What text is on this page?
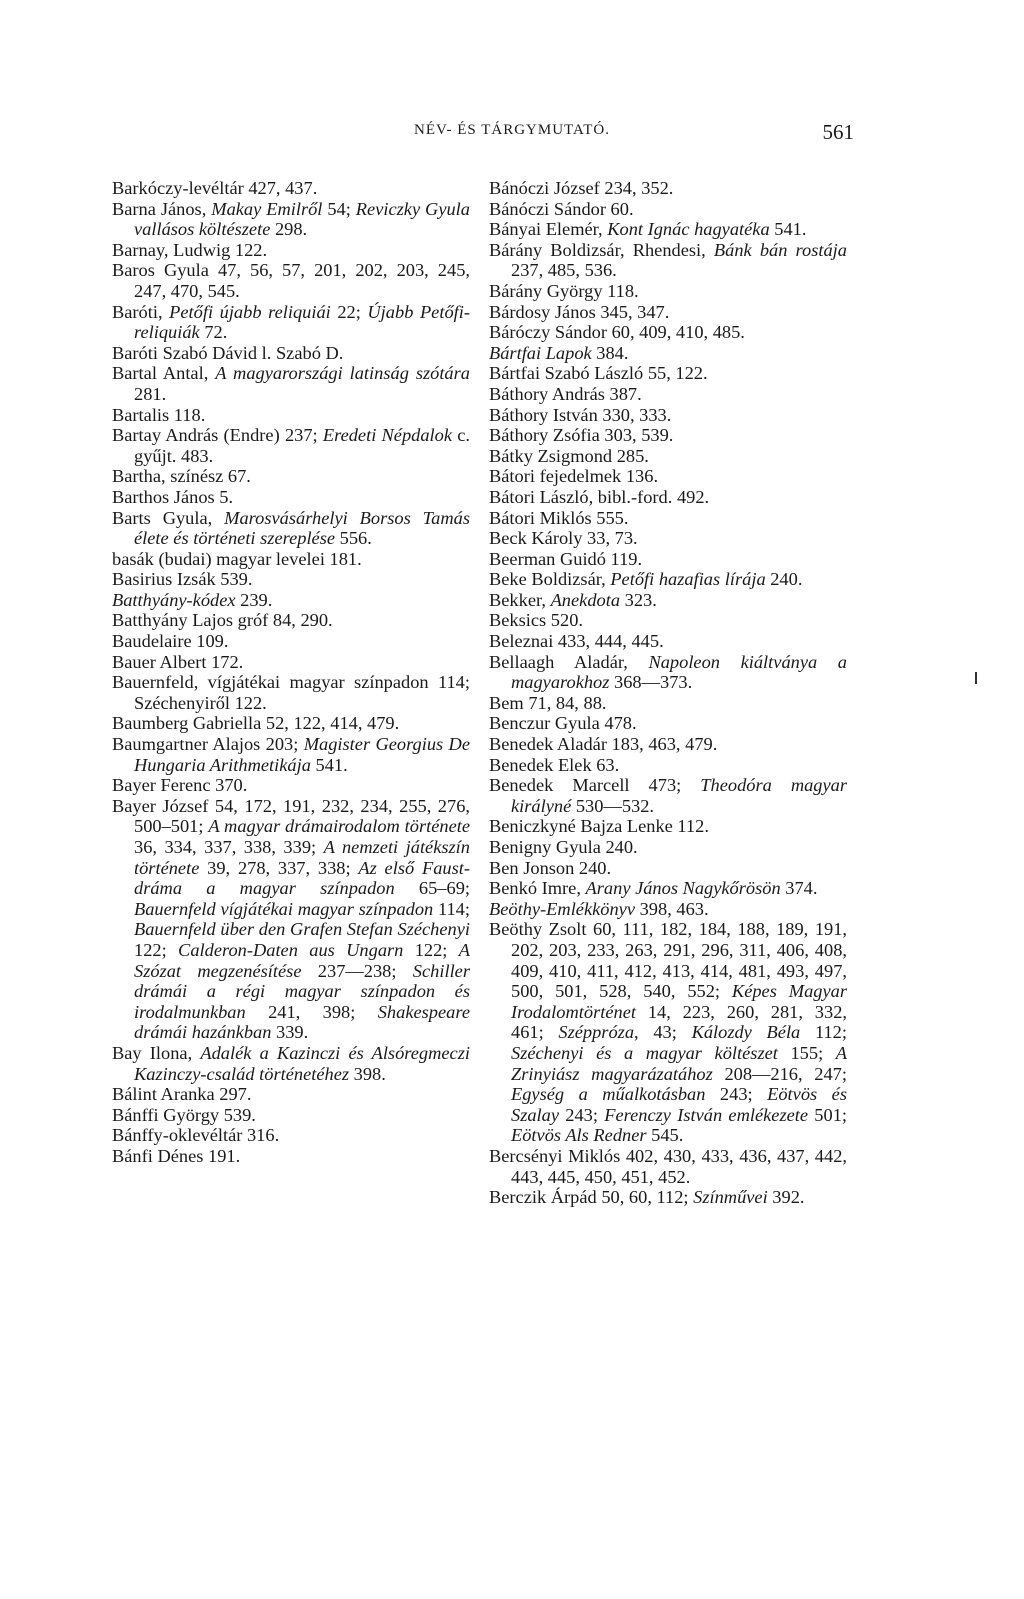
NÉV- ÉS TÁRGYMUTATÓ.	561

Barkóczy-levéltár 427, 437.

Barna János, Makay Emilről 54; Reviczky Gyula vallásos költészete 298.

Barnay, Ludwig 122.

Baros Gyula 47, 56, 57, 201, 202, 203, 245, 247, 470, 545.

Baróti, Petőfi újabb reliquiái 22; Újabb Petőfi-reliquiák 72.

Baróti Szabó Dávid l. Szabó D.

Bartal Antal, A magyarországi latinság szótára 281.

Bartalis 118.

Bartay András (Endre) 237; Eredeti Népdalok c. gyűjt. 483.

Bartha, színész 67.

Barthos János 5.

Barts Gyula, Marosvásárhelyi Borsos Tamás élete és történeti szereplése 556.

basák (budai) magyar levelei 181.

Basirius Izsák 539.

Batthyány-kódex 239.

Batthyány Lajos gróf 84, 290.

Baudelaire 109.

Bauer Albert 172.

Bauernfeld, vígjátékai magyar színpadon 114; Széchenyiről 122.

Baumberg Gabriella 52, 122, 414, 479.

Baumgartner Alajos 203; Magister Georgius De Hungaria Arithmetikája 541.

Bayer Ferenc 370.

Bayer József 54, 172, 191, 232, 234, 255, 276, 500–501; A magyar drámairodalom története 36, 334, 337, 338, 339; A nemzeti játékszín története 39, 278, 337, 338; Az első Faust-dráma a magyar színpadon 65–69; Bauernfeld vígjátékai magyar színpadon 114; Bauernfeld über den Grafen Stefan Széchenyi 122; Calderon-Daten aus Ungarn 122; A Szózat megzenésítése 237—238; Schiller drámái a régi magyar színpadon és irodalmunkban 241, 398; Shakespeare drámái hazánkban 339.

Bay Ilona, Adalék a Kazinczi és Alsóregmeczi Kazinczy-család történetéhez 398.

Bálint Aranka 297.

Bánffi György 539.

Bánffy-oklevéltár 316.

Bánfi Dénes 191.

Bánóczi József 234, 352.

Bánóczi Sándor 60.

Bányai Elemér, Kont Ignác hagyatéka 541.

Bárány Boldizsár, Rhendesi, Bánk bán rostája 237, 485, 536.

Bárány György 118.

Bárdosy János 345, 347.

Báróczy Sándor 60, 409, 410, 485.

Bártfai Lapok 384.

Bártfai Szabó László 55, 122.

Báthory András 387.

Báthory István 330, 333.

Báthory Zsófia 303, 539.

Bátky Zsigmond 285.

Bátori fejedelmek 136.

Bátori László, bibl.-ford. 492.

Bátori Miklós 555.

Beck Károly 33, 73.

Beerman Guidó 119.

Beke Boldizsár, Petőfi hazafias lírája 240.

Bekker, Anekdota 323.

Beksics 520.

Beleznai 433, 444, 445.

Bellaagh Aladár, Napoleon kiáltványa a magyarokhoz 368—373.

Bem 71, 84, 88.

Benczur Gyula 478.

Benedek Aladár 183, 463, 479.

Benedek Elek 63.

Benedek Marcell 473; Theodóra magyar királyné 530—532.

Beniczkyné Bajza Lenke 112.

Benigny Gyula 240.

Ben Jonson 240.

Benkó Imre, Arany János Nagykőrösön 374.

Beöthy-Emlékkönyv 398, 463.

Beöthy Zsolt 60, 111, 182, 184, 188, 189, 191, 202, 203, 233, 263, 291, 296, 311, 406, 408, 409, 410, 411, 412, 413, 414, 481, 493, 497, 500, 501, 528, 540, 552; Képes Magyar Irodalomtörténet 14, 223, 260, 281, 332, 461; Széppróza, 43; Kálozdy Béla 112; Széchenyi és a magyar költészet 155; A Zrinyiász magyarázatához 208—216, 247; Egység a műalkotásban 243; Eötvös és Szalay 243; Ferenczy István emlékezete 501; Eötvös Als Redner 545.

Bercsényi Miklós 402, 430, 433, 436, 437, 442, 443, 445, 450, 451, 452.

Berczik Árpád 50, 60, 112; Színművei 392.
